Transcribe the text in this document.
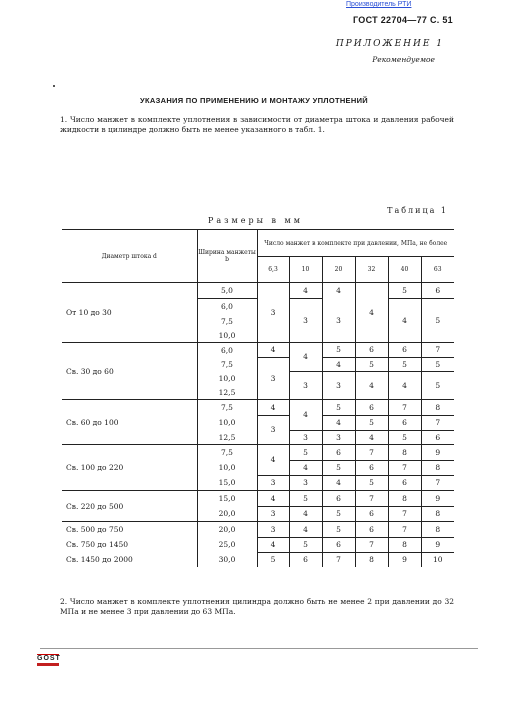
Производитель РТИ
ГОСТ 22704—77 С. 51
ПРИЛОЖЕНИЕ 1
Рекомендуемое
УКАЗАНИЯ ПО ПРИМЕНЕНИЮ И МОНТАЖУ УПЛОТНЕНИЙ
1. Число манжет в комплекте уплотнения в зависимости от диаметра штока и давления рабочей жидкости в цилиндре должно быть не менее указанного в табл. 1.
Таблица 1
Размеры в мм
Диаметр штока d	Ширина манжеты b	Число манжет в комплекте при давлении, МПа, не более					
		6,3	10	20	32	40	63
От 10 до 30	5,0	3	4	4	4	5	6
	6,0		3	3		4	5
	7,5						
	10,0						
Св. 30 до 60	6,0	4	4	5	6	6	7
	7,5	3		4	5	5	5
	10,0		3	3	4	4	5
	12,5						
Св. 60 до 100	7,5	4	4	5	6	7	8
	10,0	3		4	5	6	7
	12,5		3	3	4	5	6
Св. 100 до 220	7,5	4	5	6	7	8	9
	10,0		4	5	6	7	8
	15,0	3	3	4	5	6	7
Св. 220 до 500	15,0	4	5	6	7	8	9
	20,0	3	4	5	6	7	8
Св. 500 до 750	20,0	3	4	5	6	7	8
Св. 750 до 1450	25,0	4	5	6	7	8	9
Св. 1450 до 2000	30,0	5	6	7	8	9	10
2. Число манжет в комплекте уплотнения цилиндра должно быть не менее 2 при давлении до 32 МПа и не менее 3 при давлении до 63 МПа.
GOST
